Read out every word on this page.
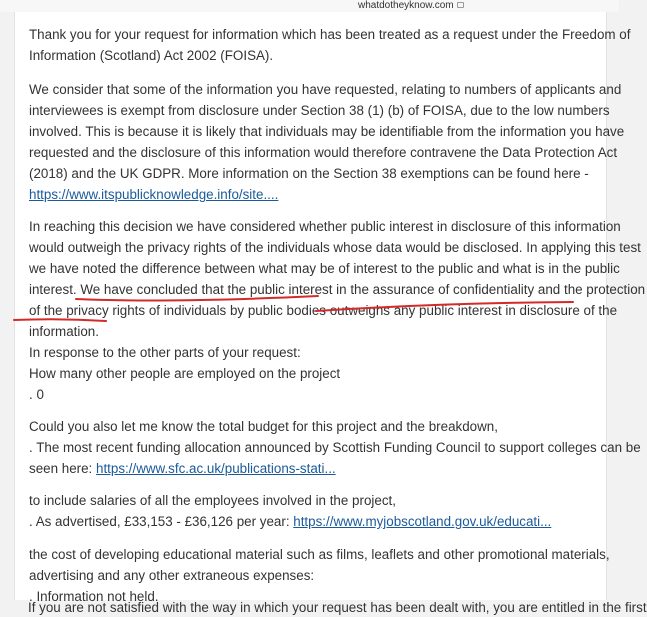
whatdotheyknow.com
Thank you for your request for information which has been treated as a request under the Freedom of
Information (Scotland) Act 2002 (FOISA).
We consider that some of the information you have requested, relating to numbers of applicants and
interviewees is exempt from disclosure under Section 38 (1) (b) of FOISA, due to the low numbers
involved. This is because it is likely that individuals may be identifiable from the information you have
requested and the disclosure of this information would therefore contravene the Data Protection Act
(2018) and the UK GDPR. More information on the Section 38 exemptions can be found here -
https://www.itspublicknowledge.info/site....
In reaching this decision we have considered whether public interest in disclosure of this information
would outweigh the privacy rights of the individuals whose data would be disclosed. In applying this test
we have noted the difference between what may be of interest to the public and what is in the public
interest. We have concluded that the public interest in the assurance of confidentiality and the protection
of the privacy rights of individuals by public bodies outweighs any public interest in disclosure of the
information.
In response to the other parts of your request:
How many other people are employed on the project
. 0
Could you also let me know the total budget for this project and the breakdown,
. The most recent funding allocation announced by Scottish Funding Council to support colleges can be
seen here: https://www.sfc.ac.uk/publications-stati...
to include salaries of all the employees involved in the project,
. As advertised, £33,153 - £36,126 per year: https://www.myjobscotland.gov.uk/educati...
the cost of developing educational material such as films, leaflets and other promotional materials,
advertising and any other extraneous expenses:
. Information not held.
If you are not satisfied with the way in which your request has been dealt with, you are entitled in the first
